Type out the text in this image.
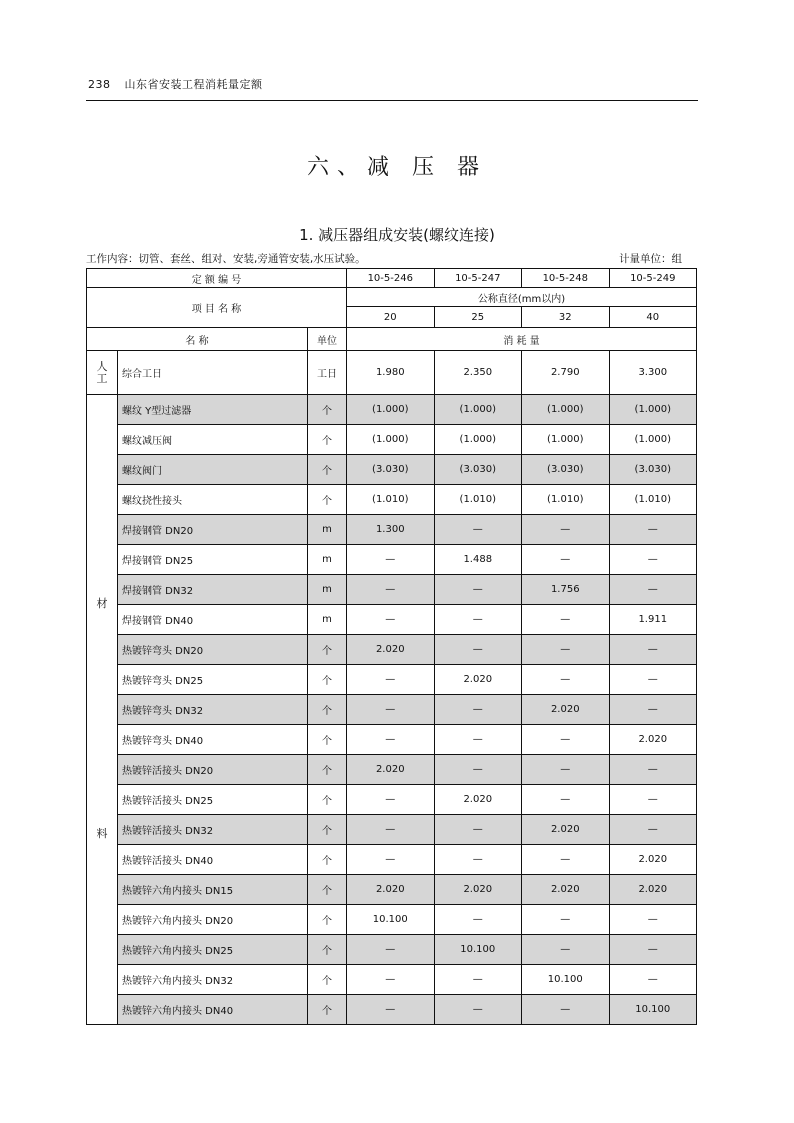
238 山东省安装工程消耗量定额
六、减 压 器
1. 减压器组成安装(螺纹连接)
工作内容：切管、套丝、组对、安装,旁通管安装,水压试验。	计量单位：组
定 额 编 号			10-5-246	10-5-247	10-5-248	10-5-249
项 目 名 称			公称直径(mm以内)			
			20	25	32	40
名 称		单位	消 耗 量			
人
工	综合工日	工日	1.980	2.350	2.790	3.300

材
料	螺纹 Y型过滤器	个	(1.000)	(1.000)	(1.000)	(1.000)
	螺纹减压阀	个	(1.000)	(1.000)	(1.000)	(1.000)
	螺纹阀门	个	(3.030)	(3.030)	(3.030)	(3.030)
	螺纹挠性接头	个	(1.010)	(1.010)	(1.010)	(1.010)
	焊接钢管 DN20	m	1.300	—	—	—
	焊接钢管 DN25	m	—	1.488	—	—
	焊接钢管 DN32	m	—	—	1.756	—
	焊接钢管 DN40	m	—	—	—	1.911
	热镀锌弯头 DN20	个	2.020	—	—	—
	热镀锌弯头 DN25	个	—	2.020	—	—
	热镀锌弯头 DN32	个	—	—	2.020	—
	热镀锌弯头 DN40	个	—	—	—	2.020
	热镀锌活接头 DN20	个	2.020	—	—	—
	热镀锌活接头 DN25	个	—	2.020	—	—
	热镀锌活接头 DN32	个	—	—	2.020	—
	热镀锌活接头 DN40	个	—	—	—	2.020
	热镀锌六角内接头 DN15	个	2.020	2.020	2.020	2.020
	热镀锌六角内接头 DN20	个	10.100	—	—	—
	热镀锌六角内接头 DN25	个	—	10.100	—	—
	热镀锌六角内接头 DN32	个	—	—	10.100	—
	热镀锌六角内接头 DN40	个	—	—	—	10.100
